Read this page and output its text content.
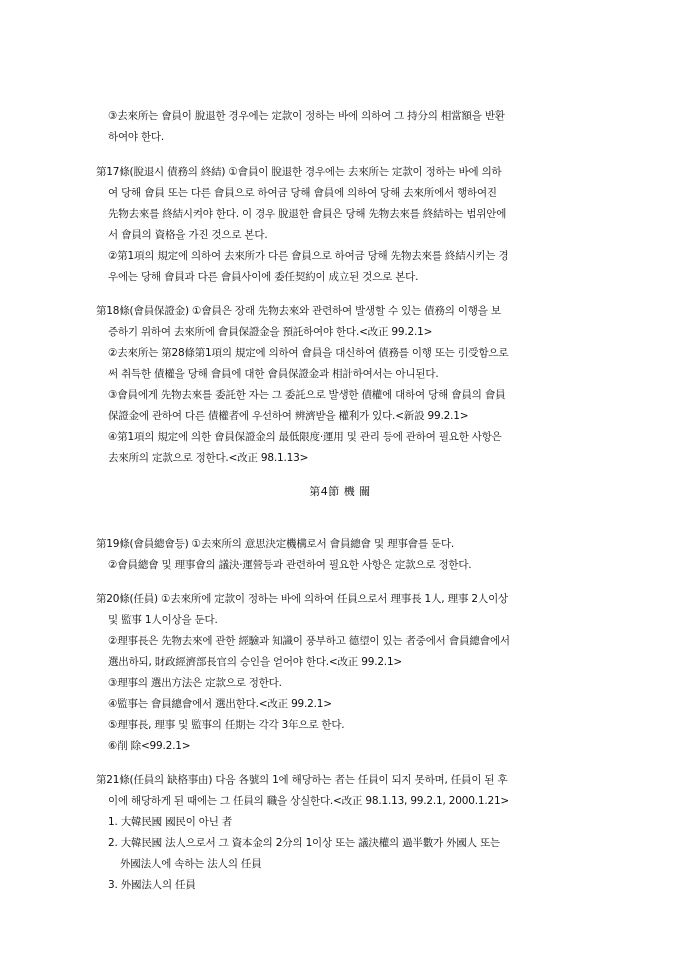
③去來所는 會員이 脫退한 경우에는 定款이 정하는 바에 의하여 그 持分의 相當額을 반환
하여야 한다.
第17條(脫退시 債務의 終結) ①會員이 脫退한 경우에는 去來所는 定款이 정하는 바에 의하
여 당해 會員 또는 다른 會員으로 하여금 당해 會員에 의하여 당해 去來所에서 행하여진
先物去來를 終結시켜야 한다. 이 경우 脫退한 會員은 당해 先物去來를 終結하는 범위안에
서 會員의 資格을 가진 것으로 본다.
②第1項의 規定에 의하여 去來所가 다른 會員으로 하여금 당해 先物去來를 終結시키는 경
우에는 당해 會員과 다른 會員사이에 委任契約이 成立된 것으로 본다.
第18條(會員保證金) ①會員은 장래 先物去來와 관련하여 발생할 수 있는 債務의 이행을 보
증하기 위하여 去來所에 會員保證金을 預託하여야 한다.<改正 99.2.1>
②去來所는 第28條第1項의 規定에 의하여 會員을 대신하여 債務를 이행 또는 引受함으로
써 취득한 債權을 당해 會員에 대한 會員保證金과 相計하여서는 아니된다.
③會員에게 先物去來를 委託한 자는 그 委託으로 발생한 債權에 대하여 당해 會員의 會員
保證金에 관하여 다른 債權者에 우선하여 辨濟받을 權利가 있다.<新設 99.2.1>
④第1項의 規定에 의한 會員保證金의 最低限度·運用 및 관리 등에 관하여 필요한 사항은
去來所의 定款으로 정한다.<改正 98.1.13>
第4節 機 關
第19條(會員總會등) ①去來所의 意思決定機構로서 會員總會 및 理事會를 둔다.
②會員總會 및 理事會의 議決·運營등과 관련하여 필요한 사항은 定款으로 정한다.
第20條(任員) ①去來所에 定款이 정하는 바에 의하여 任員으로서 理事長 1人, 理事 2人이상
및 監事 1人이상을 둔다.
②理事長은 先物去來에 관한 經驗과 知識이 풍부하고 德望이 있는 者중에서 會員總會에서
選出하되, 財政經濟部長官의 승인을 얻어야 한다.<改正 99.2.1>
③理事의 選出方法은 定款으로 정한다.
④監事는 會員總會에서 選出한다.<改正 99.2.1>
⑤理事長, 理事 및 監事의 任期는 각각 3年으로 한다.
⑥削 除<99.2.1>
第21條(任員의 缺格事由) 다음 各號의 1에 해당하는 者는 任員이 되지 못하며, 任員이 된 후
이에 해당하게 된 때에는 그 任員의 職을 상실한다.<改正 98.1.13, 99.2.1, 2000.1.21>
1. 大韓民國 國民이 아닌 者
2. 大韓民國 法人으로서 그 資本金의 2分의 1이상 또는 議決權의 過半數가 外國人 또는
外國法人에 속하는 法人의 任員
3. 外國法人의 任員
